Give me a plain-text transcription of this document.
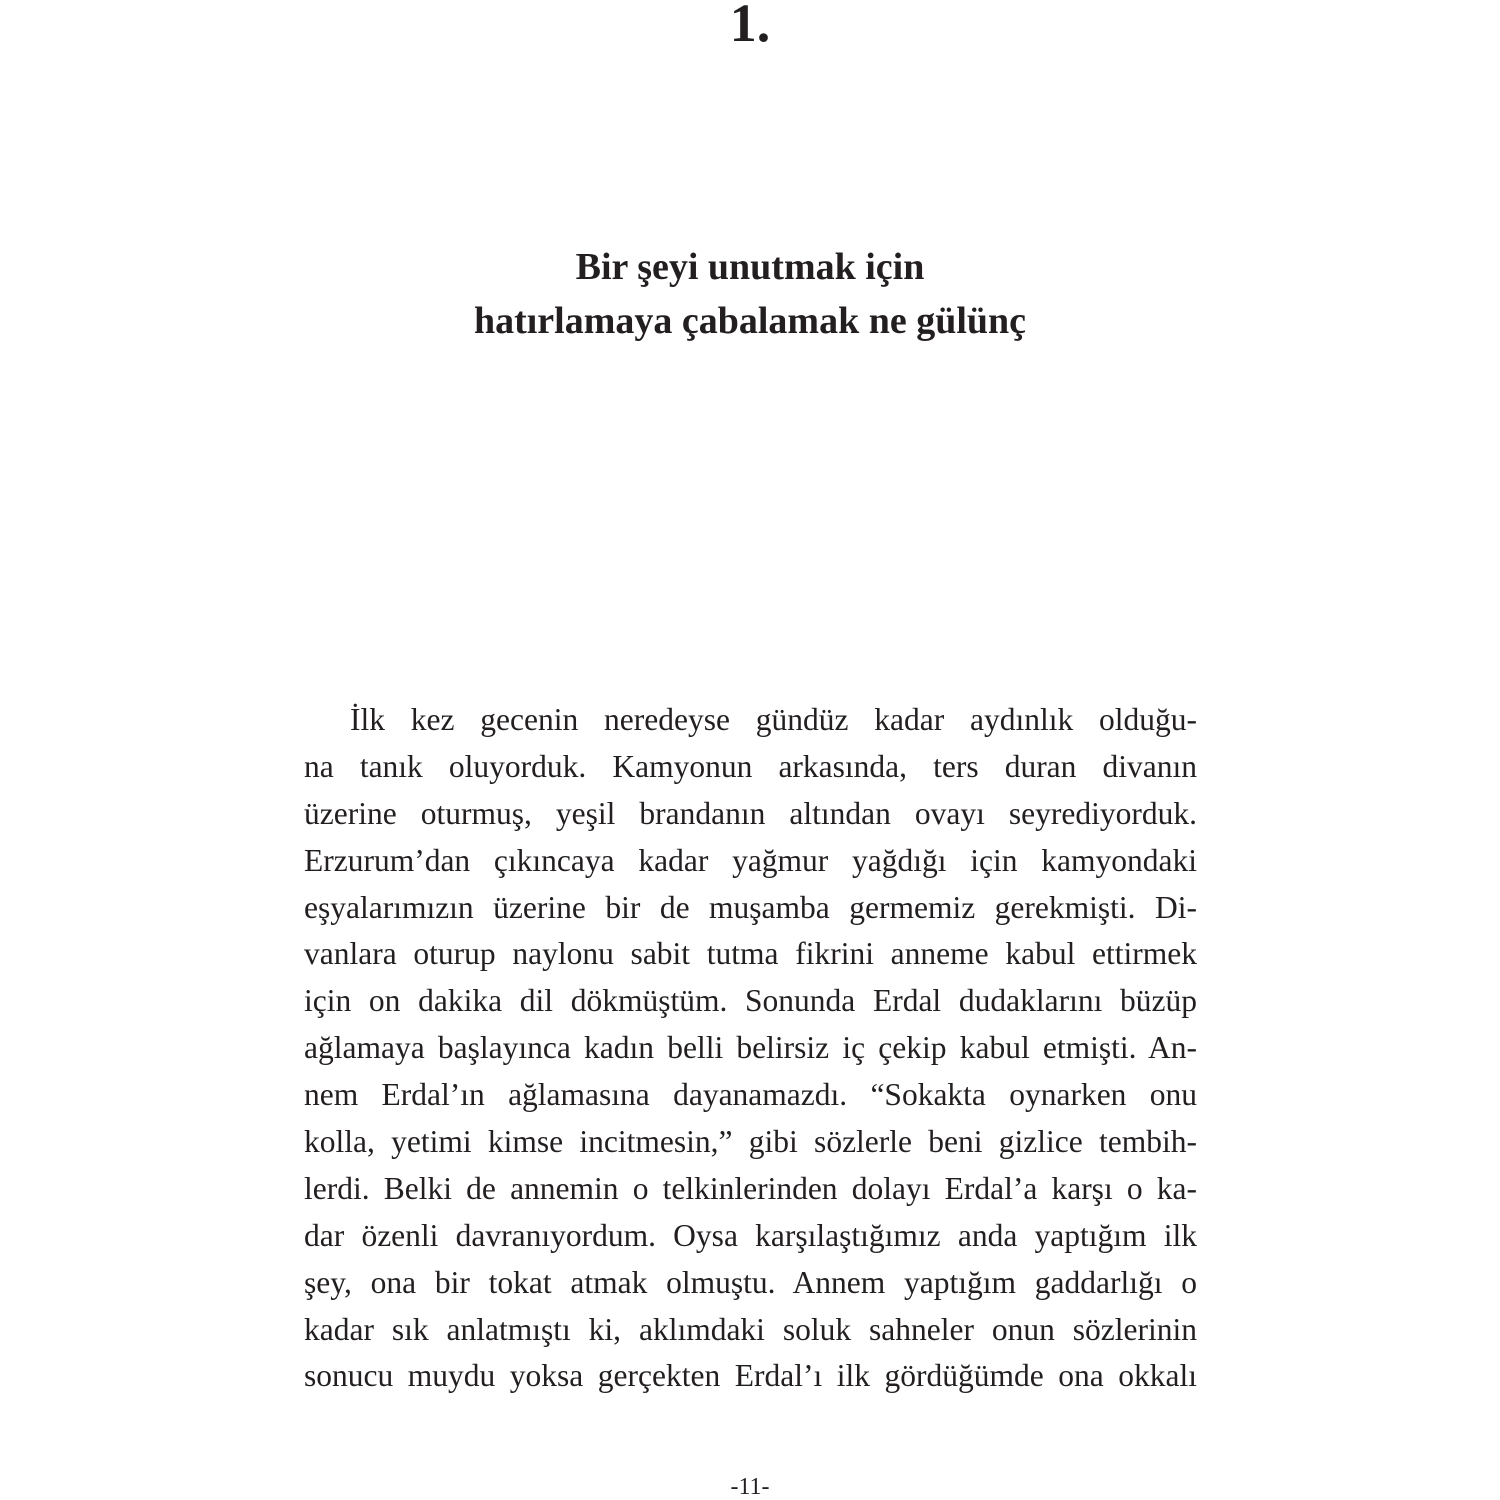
1.
Bir şeyi unutmak için
hatırlamaya çabalamak ne gülünç
İlk kez gecenin neredeyse gündüz kadar aydınlık olduğu-
na tanık oluyorduk. Kamyonun arkasında, ters duran divanın
üzerine oturmuş, yeşil brandanın altından ovayı seyrediyorduk.
Erzurum’dan çıkıncaya kadar yağmur yağdığı için kamyondaki
eşyalarımızın üzerine bir de muşamba germemiz gerekmişti. Di-
vanlara oturup naylonu sabit tutma fikrini anneme kabul ettirmek
için on dakika dil dökmüştüm. Sonunda Erdal dudaklarını büzüp
ağlamaya başlayınca kadın belli belirsiz iç çekip kabul etmişti. An-
nem Erdal’ın ağlamasına dayanamazdı. “Sokakta oynarken onu
kolla, yetimi kimse incitmesin,” gibi sözlerle beni gizlice tembih-
lerdi. Belki de annemin o telkinlerinden dolayı Erdal’a karşı o ka-
dar özenli davranıyordum. Oysa karşılaştığımız anda yaptığım ilk
şey, ona bir tokat atmak olmuştu. Annem yaptığım gaddarlığı o
kadar sık anlatmıştı ki, aklımdaki soluk sahneler onun sözlerinin
sonucu muydu yoksa gerçekten Erdal’ı ilk gördüğümde ona okkalı
-11-
